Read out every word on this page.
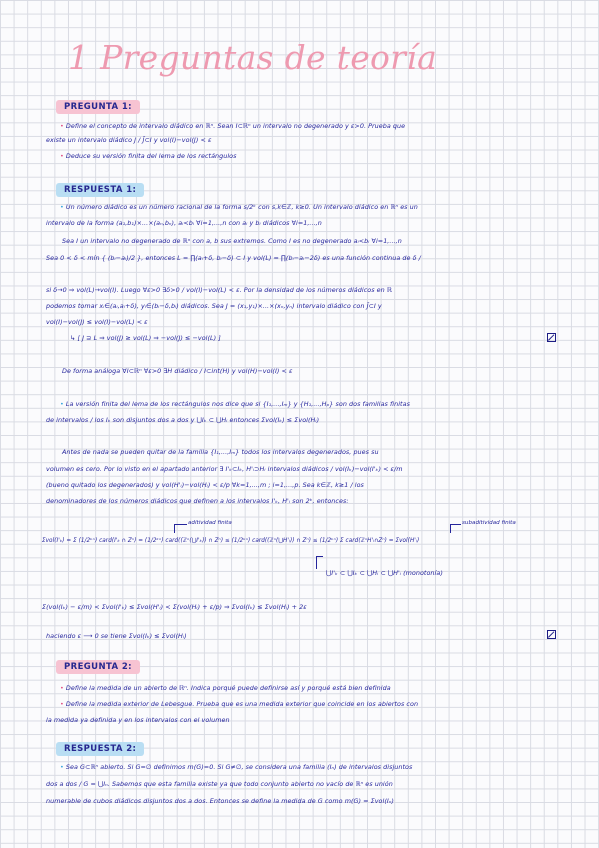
1 Preguntas de teoría
PREGUNTA 1:
• Define el concepto de intervalo diádico en ℝⁿ. Sean I⊂ℝⁿ un intervalo no degenerado y ε>0. Prueba que
existe un intervalo diádico J / J̄⊂I y vol(I)−vol(J) < ε
• Deduce su versión finita del lema de los rectángulos
RESPUESTA 1:
• Un número diádico es un número racional de la forma s/2ᵏ con s,k∈ℤ, k≥0. Un intervalo diádico en ℝⁿ es un
intervalo de la forma (a₁,b₁)×...×(aₙ,bₙ), aᵢ<bᵢ ∀i=1,...,n con aᵢ y bᵢ diádicos ∀i=1,...,n
Sea I un intervalo no degenerado de ℝⁿ con a, b sus extremos. Como I es no degenerado aᵢ<bᵢ ∀i=1,...,n
Sea 0 < δ < mín { (bᵢ−aᵢ)/2 }, entonces L = ∏(aᵢ+δ, bᵢ−δ) ⊂ I y vol(L) = ∏(bᵢ−aᵢ−2δ) es una función continua de δ /
si δ→0 ⇒ vol(L)→vol(I). Luego ∀ε>0 ∃δ>0 / vol(I)−vol(L) < ε. Por la densidad de los números diádicos en ℝ
podemos tomar xᵢ∈(aᵢ,aᵢ+δ), yᵢ∈(bᵢ−δ,bᵢ) diádicos. Sea J = (x₁,y₁)×...×(xₙ,yₙ) intervalo diádico con J̄⊂I y
vol(I)−vol(J) ≤ vol(I)−vol(L) < ε
↳ [ J ⊇ L ⇒ vol(J) ≥ vol(L) ⇒ −vol(J) ≤ −vol(L) ]
De forma análoga ∀I⊂ℝⁿ ∀ε>0 ∃H diádico / I⊂int(H) y vol(H)−vol(I) < ε
• La versión finita del lema de los rectángulos nos dice que si {I₁,...,Iₘ} y {H₁,...,Hₚ} son dos familias finitas
de intervalos / los Iₖ son disjuntos dos a dos y ⋃Iₖ ⊂ ⋃Hᵢ entonces Σvol(Iₖ) ≤ Σvol(Hᵢ)
Antes de nada se pueden quitar de la familia {I₁,...,Iₘ} todos los intervalos degenerados, pues su
volumen es cero. Por lo visto en el apartado anterior ∃ I'ₖ⊂Iₖ, H'ᵢ⊃Hᵢ intervalos diádicos / vol(Iₖ)−vol(I'ₖ) < ε/m
(bueno quitado los degenerados) y vol(H'ᵢ)−vol(Hᵢ) < ε/p ∀k=1,...,m ; i=1,...,p. Sea k∈ℤ, k≥1 / los
denominadores de los números diádicos que definen a los intervalos I'ₖ, H'ᵢ son 2ᵏ, entonces:
aditividad finita	subaditividad finita
Σvol(I'ₖ) = Σ (1/2ᵏⁿ) card(I'ₖ ∩ Zⁿ) = (1/2ᵏⁿ) card((ℤⁿ(⋃I'ₖ)) ∩ Zⁿ) ≤ (1/2ᵏⁿ) card((ℤⁿ(⋃H'ᵢ)) ∩ Zⁿ) ≤ (1/2ᵏⁿ) Σ card(ℤⁿH'ᵢ∩Zⁿ) = Σvol(H'ᵢ)
⋃I'ₖ ⊂ ⋃Iₖ ⊂ ⋃Hᵢ ⊂ ⋃H'ᵢ (monotonía)
Σ(vol(Iₖ) − ε/m) < Σvol(I'ₖ) ≤ Σvol(H'ᵢ) < Σ(vol(Hᵢ) + ε/p) ⇒ Σvol(Iₖ) ≤ Σvol(Hᵢ) + 2ε
haciendo ε ⟶ 0 se tiene Σvol(Iₖ) ≤ Σvol(Hᵢ)
PREGUNTA 2:
• Define la medida de un abierto de ℝⁿ. Indica porqué puede definirse así y porqué está bien definida
• Define la medida exterior de Lebesgue. Prueba que es una medida exterior que coincide en los abiertos con
la medida ya definida y en los intervalos con el volumen
RESPUESTA 2:
• Sea G⊂ℝⁿ abierto. Si G=∅ definimos m(G)=0. Si G≠∅, se considera una familia (Iₙ) de intervalos disjuntos
dos a dos / G = ⋃Iₙ. Sabemos que esta familia existe ya que todo conjunto abierto no vacío de ℝⁿ es unión
numerable de cubos diádicos disjuntos dos a dos. Entonces se define la medida de G como m(G) = Σvol(Iₙ)
